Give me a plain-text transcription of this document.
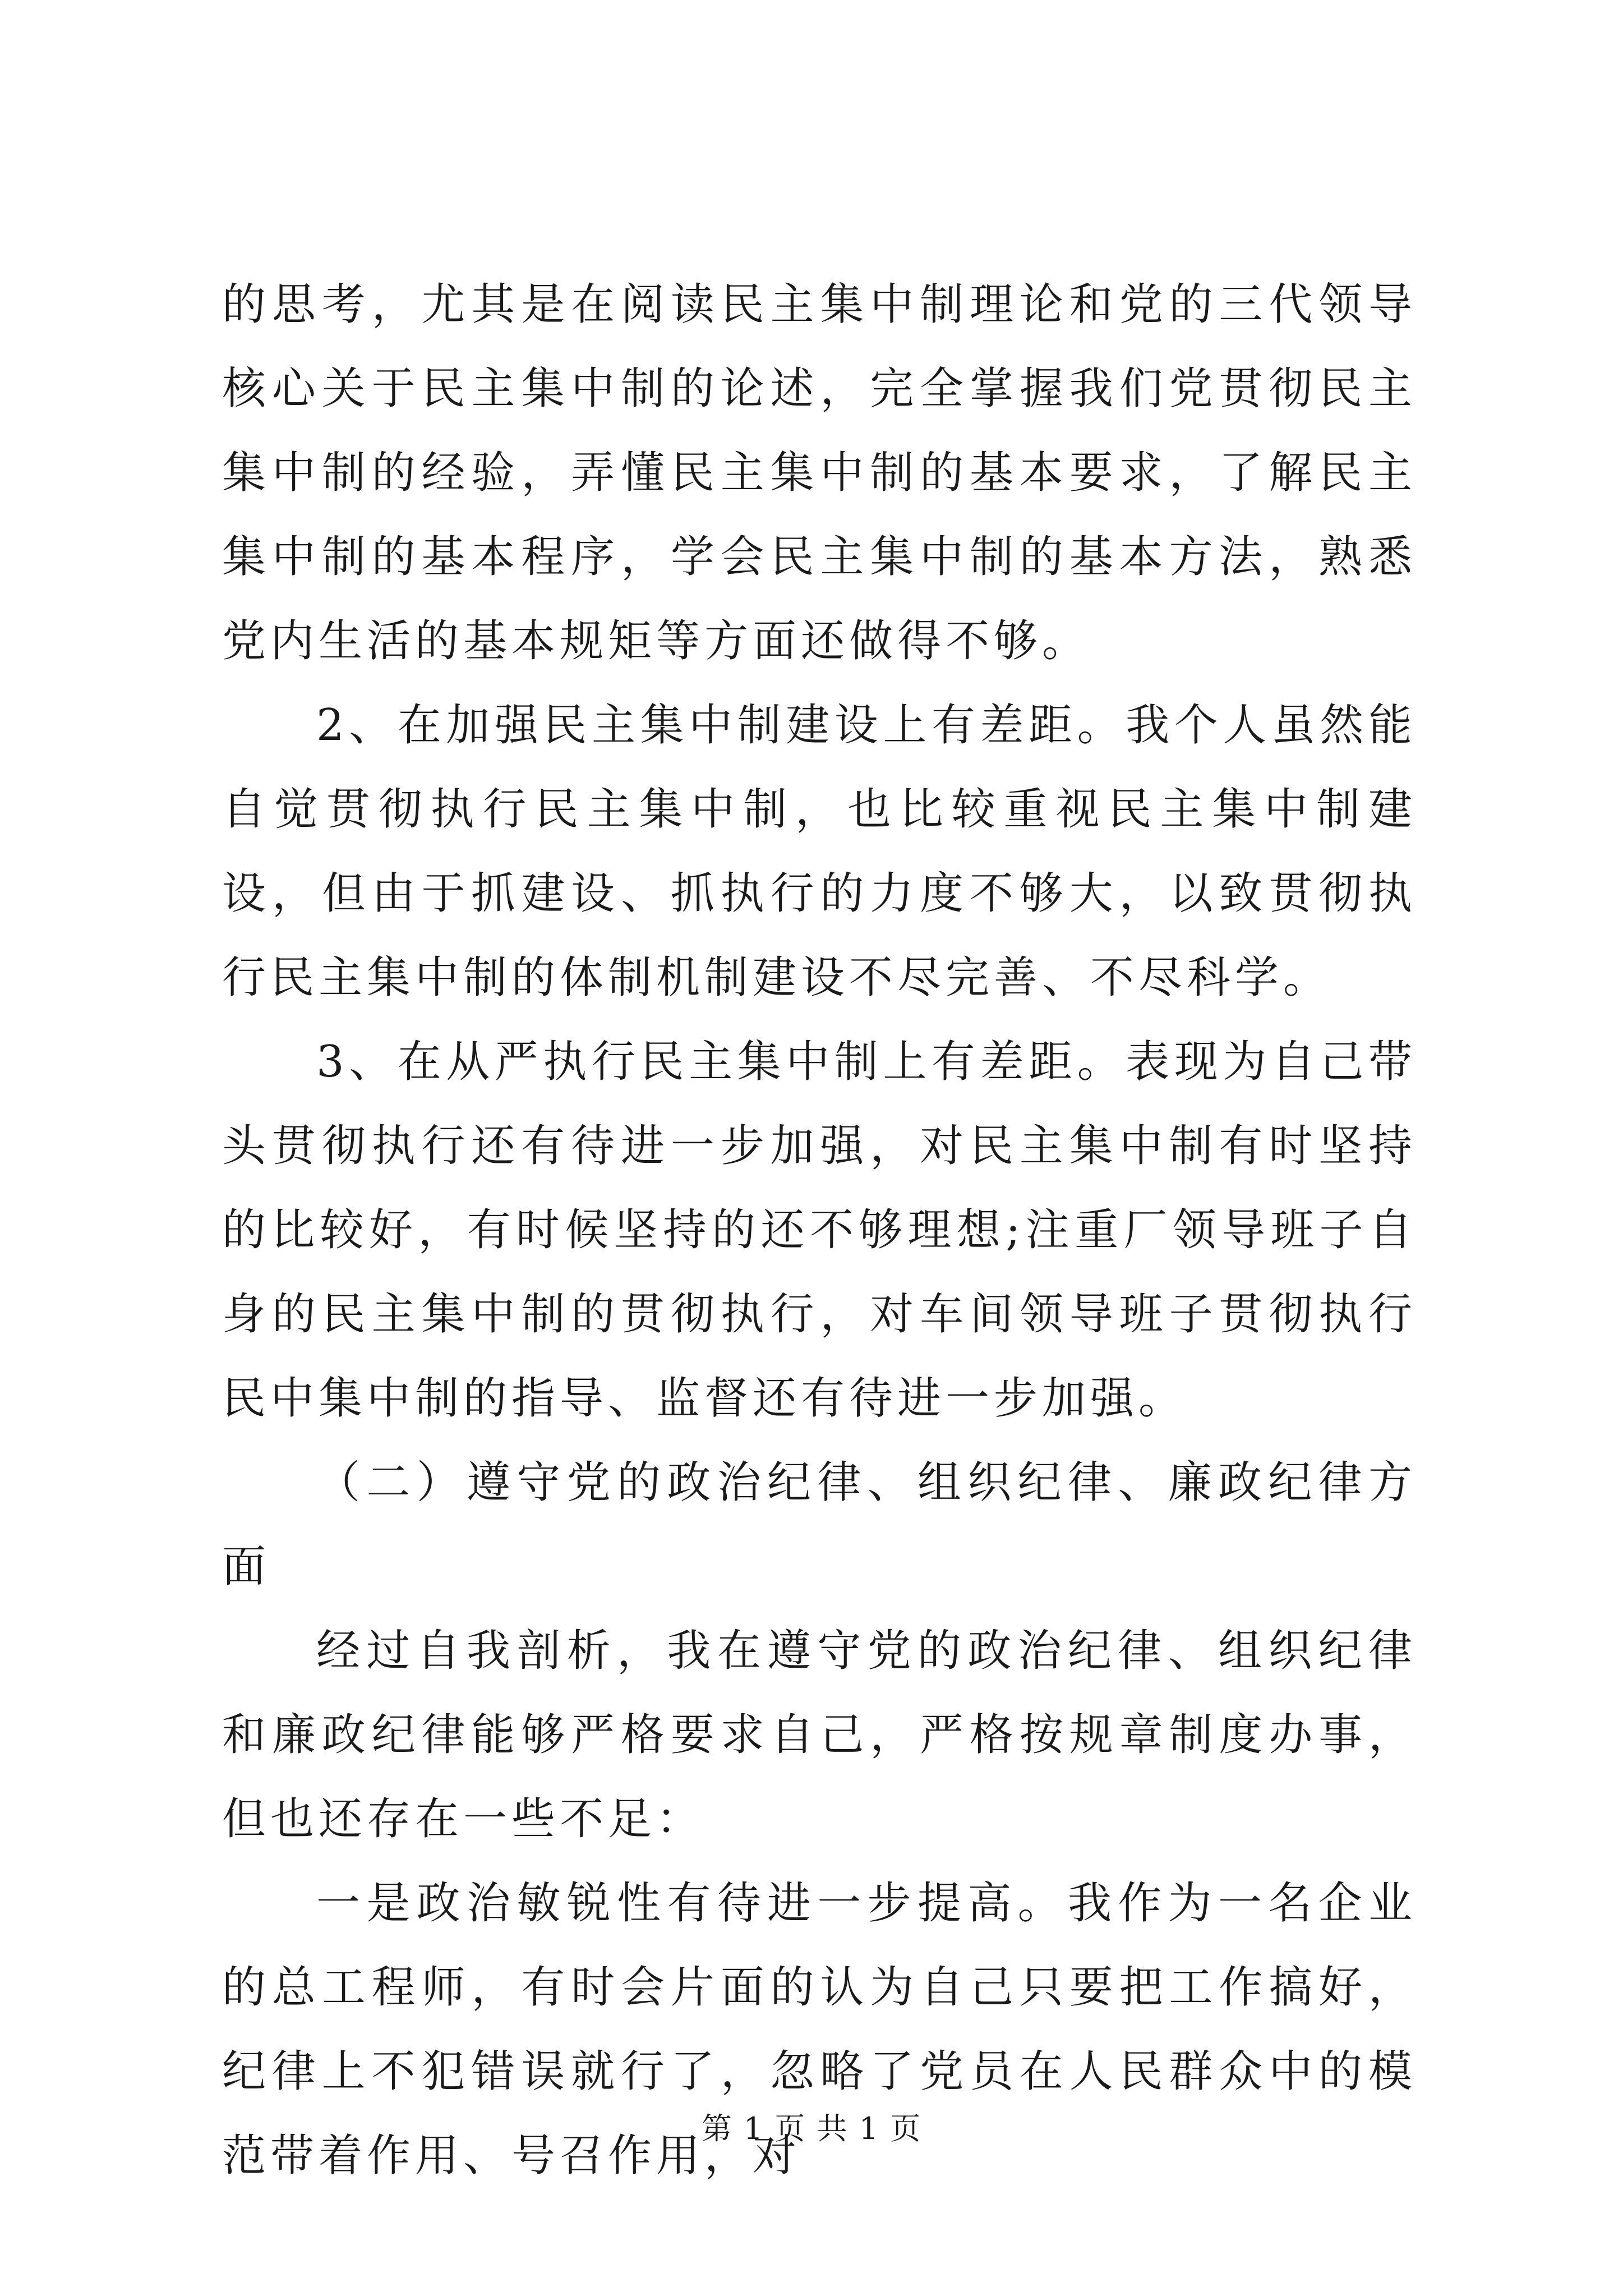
的思考，尤其是在阅读民主集中制理论和党的三代领导核心关于民主集中制的论述，完全掌握我们党贯彻民主集中制的经验，弄懂民主集中制的基本要求，了解民主集中制的基本程序，学会民主集中制的基本方法，熟悉党内生活的基本规矩等方面还做得不够。

2、在加强民主集中制建设上有差距。我个人虽然能自觉贯彻执行民主集中制，也比较重视民主集中制建设，但由于抓建设、抓执行的力度不够大，以致贯彻执行民主集中制的体制机制建设不尽完善、不尽科学。

3、在从严执行民主集中制上有差距。表现为自己带头贯彻执行还有待进一步加强，对民主集中制有时坚持的比较好，有时候坚持的还不够理想;注重厂领导班子自身的民主集中制的贯彻执行，对车间领导班子贯彻执行民中集中制的指导、监督还有待进一步加强。

（二）遵守党的政治纪律、组织纪律、廉政纪律方面

经过自我剖析，我在遵守党的政治纪律、组织纪律和廉政纪律能够严格要求自己，严格按规章制度办事，但也还存在一些不足：

一是政治敏锐性有待进一步提高。我作为一名企业的总工程师，有时会片面的认为自己只要把工作搞好，纪律上不犯错误就行了，忽略了党员在人民群众中的模范带着作用、号召作用，对

第 1 页 共 1 页
